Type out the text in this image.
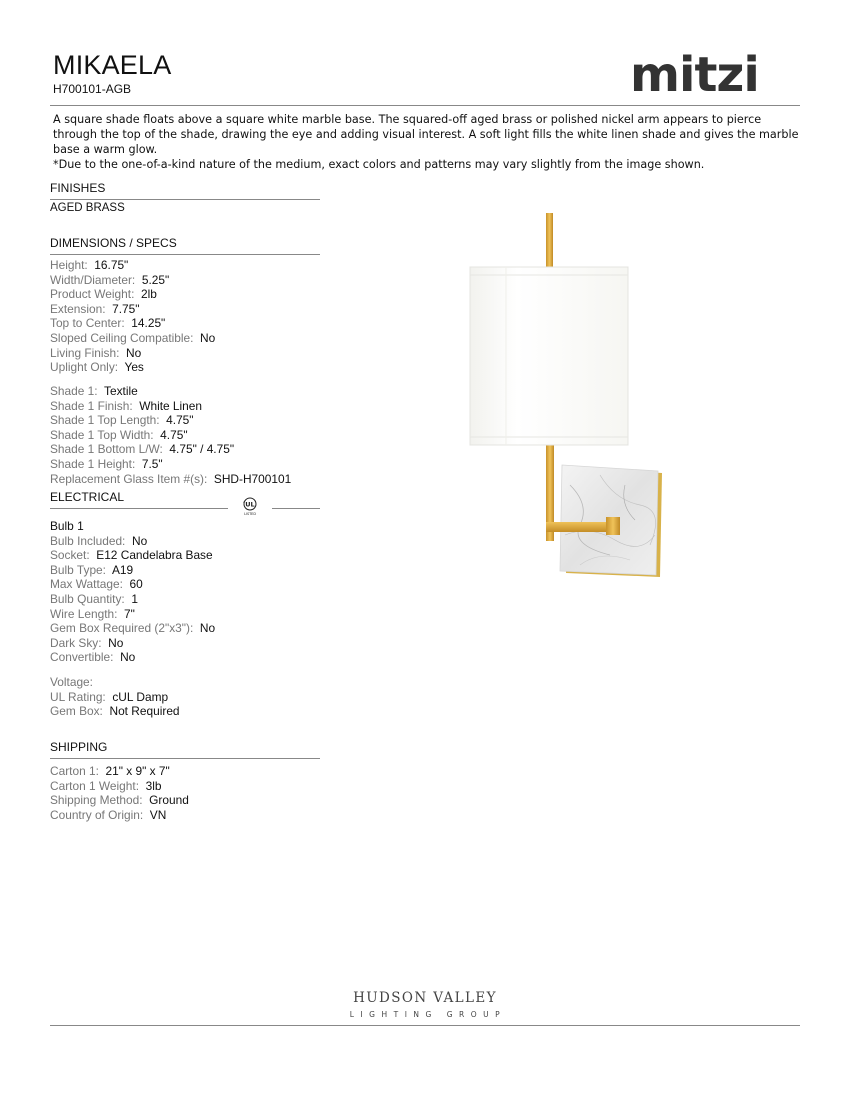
MIKAELA
H700101-AGB	mitzi

A square shade floats above a square white marble base. The squared-off aged brass or polished nickel arm appears to pierce through the top of the shade, drawing the eye and adding visual interest. A soft light fills the white linen shade and gives the marble base a warm glow.

*Due to the one-of-a-kind nature of the medium, exact colors and patterns may vary slightly from the image shown.

FINISHES
AGED BRASS
DIMENSIONS / SPECS
Height: 16.75"
Width/Diameter: 5.25"
Product Weight: 2lb
Extension: 7.75"
Top to Center: 14.25"
Sloped Ceiling Compatible: No
Living Finish: No
Uplight Only: Yes
Shade 1: Textile
Shade 1 Finish: White Linen
Shade 1 Top Length: 4.75"
Shade 1 Top Width: 4.75"
Shade 1 Bottom L/W: 4.75" / 4.75"
Shade 1 Height: 7.5"
Replacement Glass Item #(s): SHD-H700101
ELECTRICAL
UL
c
LISTED
Bulb 1
Bulb Included: No
Socket: E12 Candelabra Base
Bulb Type: A19
Max Wattage: 60
Bulb Quantity: 1
Wire Length: 7"
Gem Box Required (2"x3"): No
Dark Sky: No
Convertible: No
Voltage:
UL Rating: cUL Damp
Gem Box: Not Required
SHIPPING
Carton 1: 21" x 9" x 7"
Carton 1 Weight: 3lb
Shipping Method: Ground
Country of Origin: VN
HUDSON VALLEY
LIGHTING GROUP
